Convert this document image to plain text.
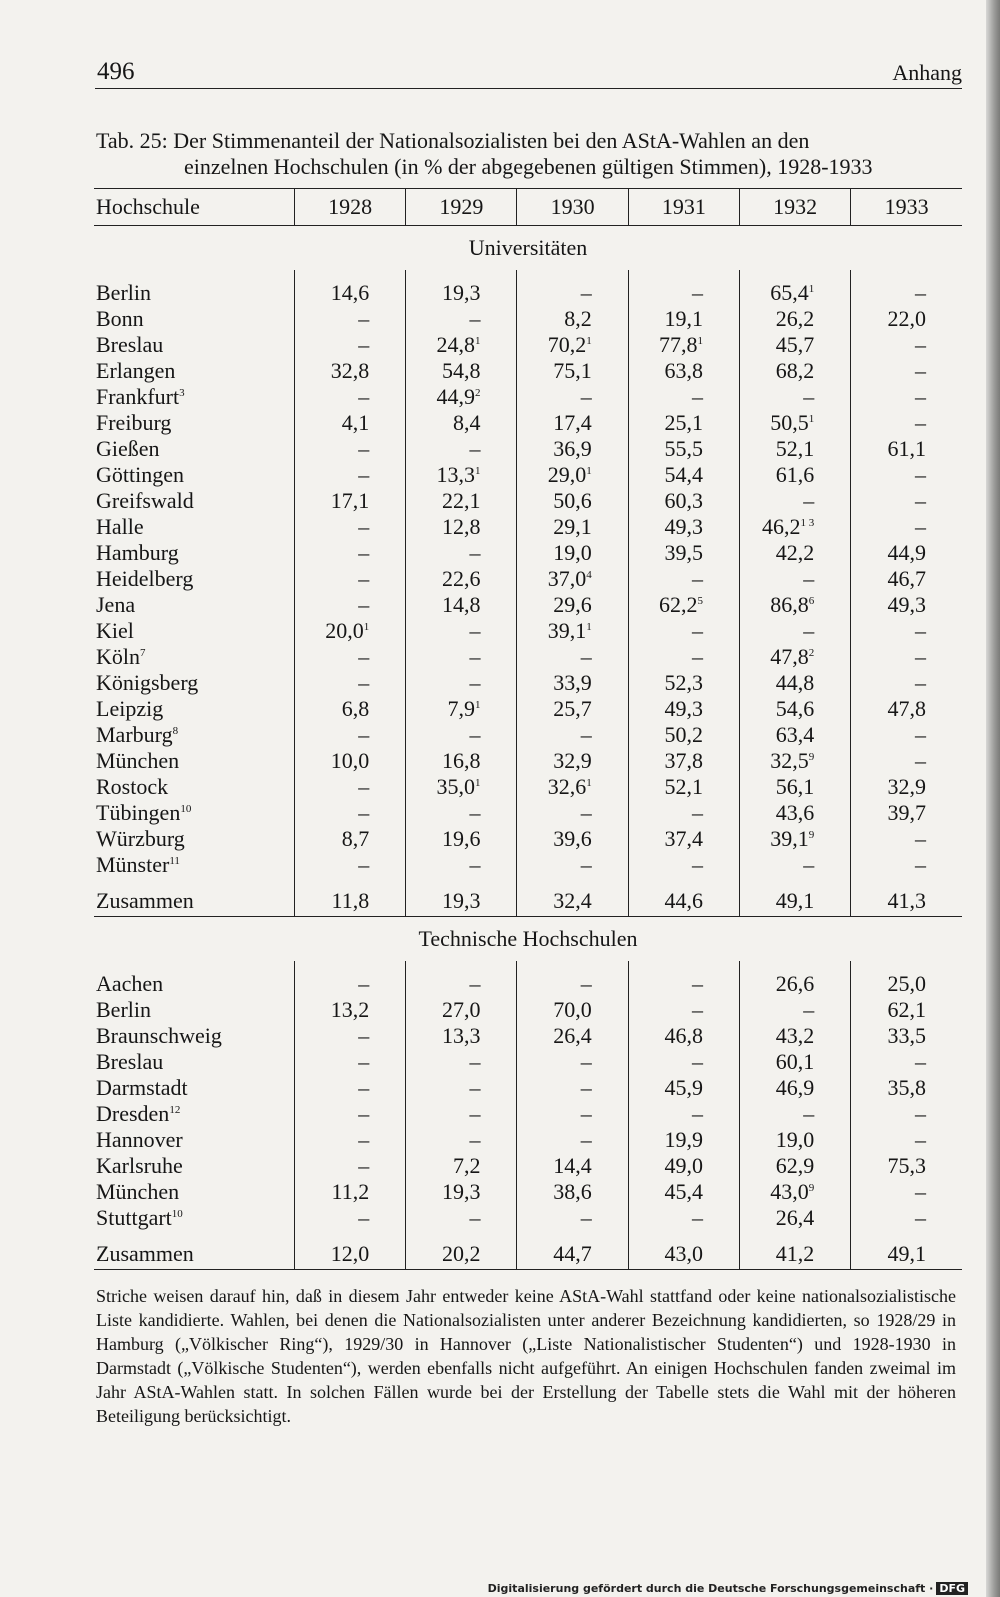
496	Anhang
Tab. 25: Der Stimmenanteil der Nationalsozialisten bei den AStA-Wahlen an den
einzelnen Hochschulen (in % der abgegebenen gültigen Stimmen), 1928-1933
Hochschule	1928	1929	1930	1931	1932	1933
Universitäten						
Berlin	14,6	19,3	–	–	65,4$^1$	–
Bonn	–	–	8,2	19,1	26,2	22,0
Breslau	–	24,8$^1$	70,2$^1$	77,8$^1$	45,7	–
Erlangen	32,8	54,8	75,1	63,8	68,2	–
Frankfurt$^3$	–	44,9$^2$	–	–	–	–
Freiburg	4,1	8,4	17,4	25,1	50,5$^1$	–
Gießen	–	–	36,9	55,5	52,1	61,1
Göttingen	–	13,3$^1$	29,0$^1$	54,4	61,6	–
Greifswald	17,1	22,1	50,6	60,3	–	–
Halle	–	12,8	29,1	49,3	$46,2^{1 3}$	–
Hamburg	–	–	19,0	39,5	42,2	44,9
Heidelberg	–	22,6	37,0$^4$	–	–	46,7
Jena	–	14,8	29,6	62,2$^5$	86,8$^6$	49,3
Kiel	20,0$^1$	–	39,1$^1$	–	–	–
Köln$^7$	–	–	–	–	47,8$^2$	–
Königsberg	–	–	33,9	52,3	44,8	–
Leipzig	6,8	$7,9^1$	25,7	49,3	54,6	47,8
Marburg$^8$	–	–	–	50,2	63,4	–
München	10,0	16,8	32,9	37,8	32,5$^9$	–
Rostock	–	35,0$^1$	32,6$^1$	52,1	56,1	32,9
Tübingen$^{10}$	–	–	–	–	43,6	39,7
Würzburg	8,7	19,6	39,6	37,4	39,1$^9$	–
Münster$^{11}$	–	–	–	–	–	–
Zusammen	11,8	19,3	32,4	44,6	49,1	41,3
Technische Hochschulen						
Aachen	–	–	–	–	26,6	25,0
Berlin	13,2	27,0	70,0	–	–	62,1
Braunschweig	–	13,3	26,4	46,8	43,2	33,5
Breslau	–	–	–	–	60,1	–
Darmstadt	–	–	–	45,9	46,9	35,8
Dresden$^{12}$	–	–	–	–	–	–
Hannover	–	–	–	19,9	19,0	–
Karlsruhe	–	7,2	14,4	49,0	62,9	75,3
München	11,2	19,3	38,6	45,4	43,0$^9$	–
Stuttgart$^{10}$	–	–	–	–	26,4	–
Zusammen	12,0	20,2	44,7	43,0	41,2	49,1
Striche weisen darauf hin, daß in diesem Jahr entweder keine AStA-Wahl stattfand oder keine nationalsozialistische Liste kandidierte. Wahlen, bei denen die Nationalsozialisten unter anderer Bezeichnung kandidierten, so 1928/29 in Hamburg („Völkischer Ring“), 1929/30 in Hannover („Liste Nationalistischer Studenten“) und 1928-1930 in Darmstadt („Völkische Studenten“), werden ebenfalls nicht aufgeführt. An einigen Hochschulen fanden zweimal im Jahr AStA-Wahlen statt. In solchen Fällen wurde bei der Erstellung der Tabelle stets die Wahl mit der höheren Beteiligung berücksichtigt.
Digitalisierung gefördert durch die Deutsche Forschungsgemeinschaft · DFG
